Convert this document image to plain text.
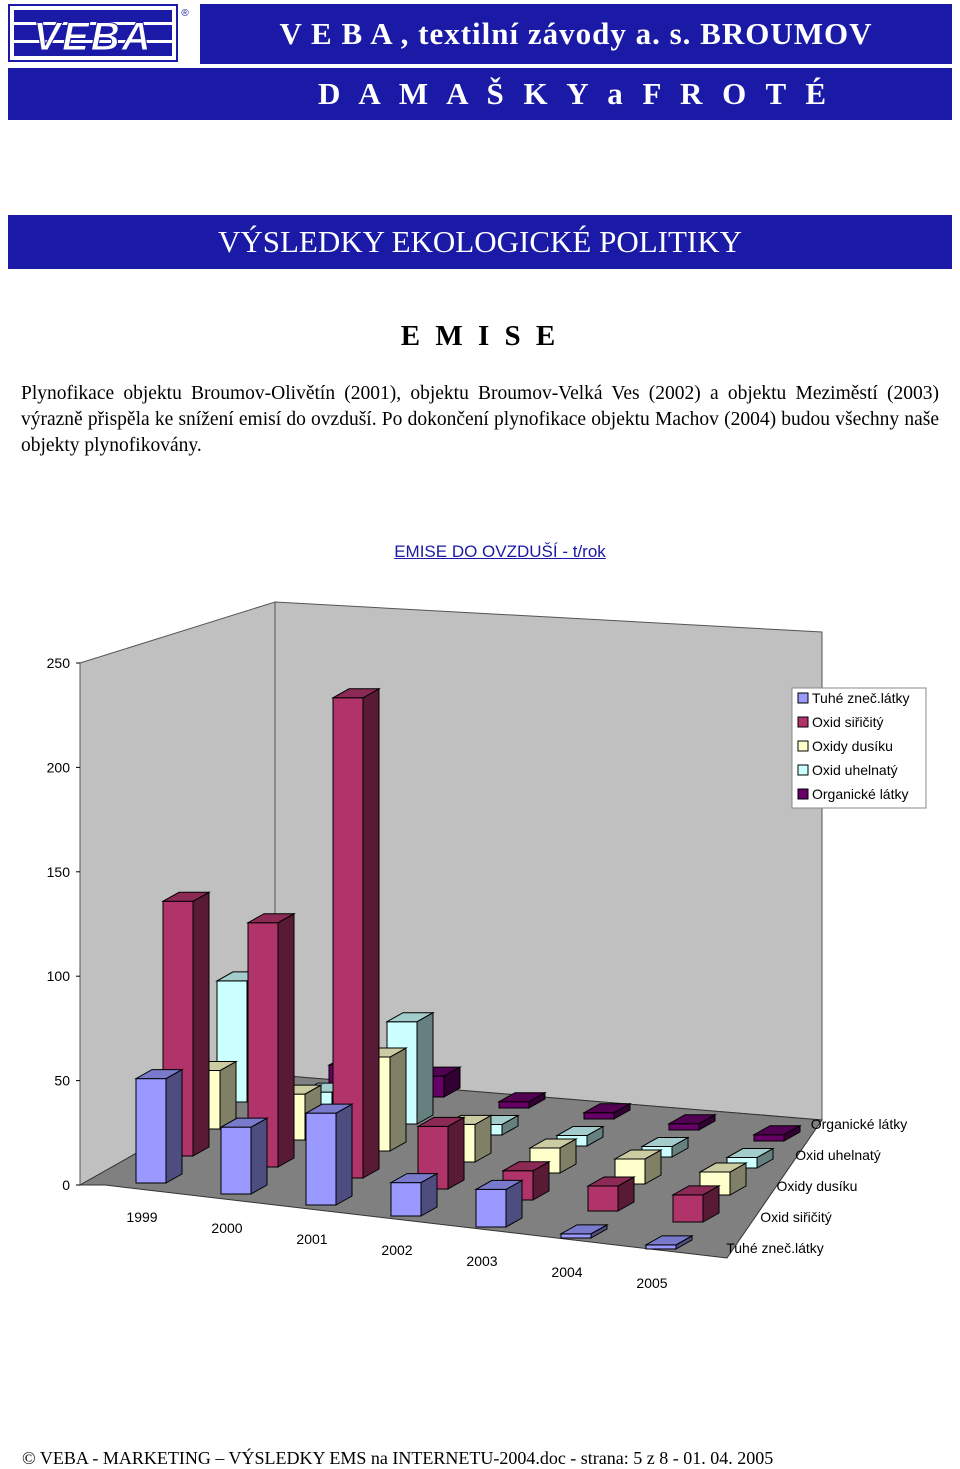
VEBA
®
V E B A , textilní závody a. s. BROUMOV
D A M A Š K Y a F R O T É
VÝSLEDKY EKOLOGICKÉ POLITIKY
E M I S E

Plynofikace objektu Broumov-Olivětín (2001), objektu Broumov-Velká Ves (2002) a objektu Meziměstí (2003) výrazně přispěla ke snížení emisí do ovzduší. Po dokončení plynofikace objektu Machov (2004) budou všechny naše objekty plynofikovány.

EMISE DO OVZDUŠÍ - t/rok
0
50
100
150
200
250
1999
2000
2001
2002
2003
2004
2005
Tuhé zneč.látky
Oxid siřičitý
Oxidy dusíku
Oxid uhelnatý
Organické látky
Tuhé zneč.látky
Oxid siřičitý
Oxidy dusíku
Oxid uhelnatý
Organické látky
© VEBA - MARKETING – VÝSLEDKY EMS na INTERNETU-2004.doc - strana: 5 z 8 - 01. 04. 2005
